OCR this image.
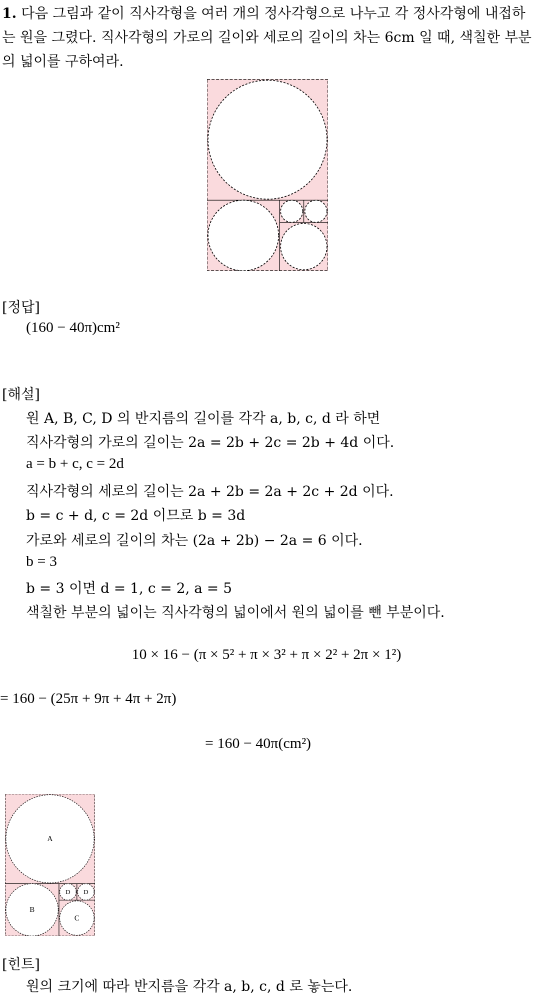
1. 다음 그림과 같이 직사각형을 여러 개의 정사각형으로 나누고 각 정사각형에 내접하는 원을 그렸다. 직사각형의 가로의 길이와 세로의 길이의 차는 6cm 일 때, 색칠한 부분의 넓이를 구하여라.
[정답]
(160 − 40π)cm²
[해설]
원 A, B, C, D 의 반지름의 길이를 각각 a, b, c, d 라 하면
직사각형의 가로의 길이는 2a = 2b + 2c = 2b + 4d 이다.
a = b + c, c = 2d
직사각형의 세로의 길이는 2a + 2b = 2a + 2c + 2d 이다.
b = c + d, c = 2d 이므로 b = 3d
가로와 세로의 길이의 차는 (2a + 2b) − 2a = 6 이다.
b = 3
b = 3 이면 d = 1, c = 2, a = 5
색칠한 부분의 넓이는 직사각형의 넓이에서 원의 넓이를 뺀 부분이다.
10 × 16 − (π × 5² + π × 3² + π × 2² + 2π × 1²)
= 160 − (25π + 9π + 4π + 2π)
= 160 − 40π(cm²)
A
B
C
D D
[힌트]
원의 크기에 따라 반지름을 각각 a, b, c, d 로 놓는다.
